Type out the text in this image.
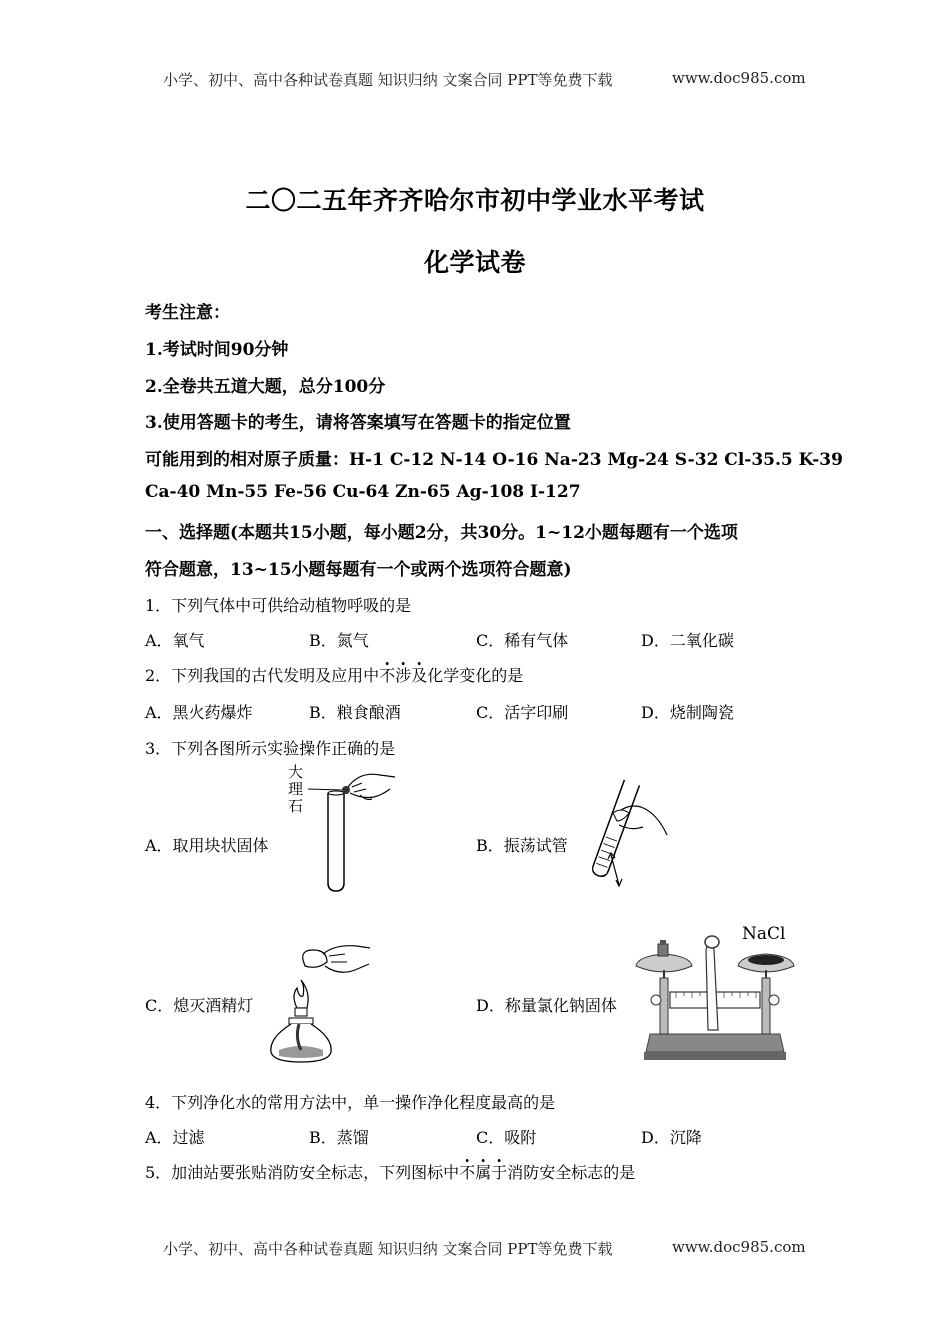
小学、初中、高中各种试卷真题 知识归纳 文案合同 PPT等免费下载	www.doc985.com
二〇二五年齐齐哈尔市初中学业水平考试
化学试卷
考生注意：
1.考试时间90分钟
2.全卷共五道大题，总分100分
3.使用答题卡的考生，请将答案填写在答题卡的指定位置
可能用到的相对原子质量：H-1 C-12 N-14 O-16 Na-23 Mg-24 S-32 Cl-35.5 K-39
Ca-40 Mn-55 Fe-56 Cu-64 Zn-65 Ag-108 I-127
一、选择题(本题共15小题，每小题2分，共30分。1~12小题每题有一个选项
符合题意，13~15小题每题有一个或两个选项符合题意)
1．下列气体中可供给动植物呼吸的是
A．氧气	B．氮气	C．稀有气体	D．二氧化碳
2．下列我国的古代发明及应用中不涉及化学变化的是
A．黑火药爆炸	B．粮食酿酒	C．活字印刷	D．烧制陶瓷
3．下列各图所示实验操作正确的是
A．取用块状固体	B．振荡试管
C．熄灭酒精灯	D．称量氯化钠固体
大
理
石
NaCl
4．下列净化水的常用方法中，单一操作净化程度最高的是
A．过滤	B．蒸馏	C．吸附	D．沉降
5．加油站要张贴消防安全标志，下列图标中不属于消防安全标志的是
小学、初中、高中各种试卷真题 知识归纳 文案合同 PPT等免费下载	www.doc985.com
